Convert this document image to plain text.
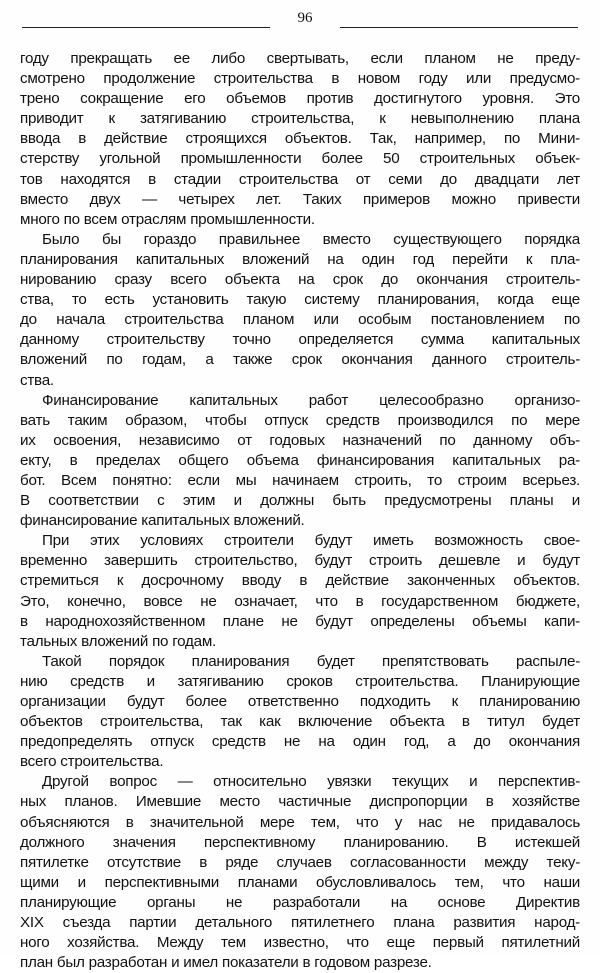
96
году прекращать ее либо свертывать, если планом не преду-
смотрено продолжение строительства в новом году или предусмо-
трено сокращение его объемов против достигнутого уровня. Это
приводит к затягиванию строительства, к невыполнению плана
ввода в действие строящихся объектов. Так, например, по Мини-
стерству угольной промышленности более 50 строительных объек-
тов находятся в стадии строительства от семи до двадцати лет
вместо двух — четырех лет. Таких примеров можно привести
много по всем отраслям промышленности.
Было бы гораздо правильнее вместо существующего порядка
планирования капитальных вложений на один год перейти к пла-
нированию сразу всего объекта на срок до окончания строитель-
ства, то есть установить такую систему планирования, когда еще
до начала строительства планом или особым постановлением по
данному строительству точно определяется сумма капитальных
вложений по годам, а также срок окончания данного строитель-
ства.
Финансирование капитальных работ целесообразно организо-
вать таким образом, чтобы отпуск средств производился по мере
их освоения, независимо от годовых назначений по данному объ-
екту, в пределах общего объема финансирования капитальных ра-
бот. Всем понятно: если мы начинаем строить, то строим всерьез.
В соответствии с этим и должны быть предусмотрены планы и
финансирование капитальных вложений.
При этих условиях строители будут иметь возможность свое-
временно завершить строительство, будут строить дешевле и будут
стремиться к досрочному вводу в действие законченных объектов.
Это, конечно, вовсе не означает, что в государственном бюджете,
в народнохозяйственном плане не будут определены объемы капи-
тальных вложений по годам.
Такой порядок планирования будет препятствовать распыле-
нию средств и затягиванию сроков строительства. Планирующие
организации будут более ответственно подходить к планированию
объектов строительства, так как включение объекта в титул будет
предопределять отпуск средств не на один год, а до окончания
всего строительства.
Другой вопрос — относительно увязки текущих и перспектив-
ных планов. Имевшие место частичные диспропорции в хозяйстве
объясняются в значительной мере тем, что у нас не придавалось
должного значения перспективному планированию. В истекшей
пятилетке отсутствие в ряде случаев согласованности между теку-
щими и перспективными планами обусловливалось тем, что наши
планирующие органы не разработали на основе Директив
XIX съезда партии детального пятилетнего плана развития народ-
ного хозяйства. Между тем известно, что еще первый пятилетний
план был разработан и имел показатели в годовом разрезе.
